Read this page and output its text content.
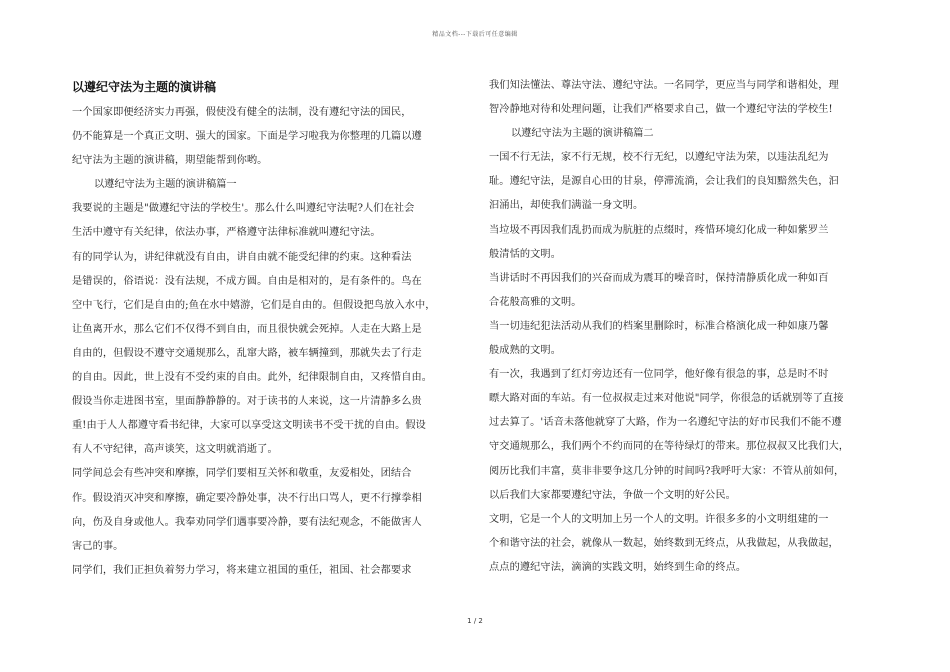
精品文档---下载后可任意编辑
以遵纪守法为主题的演讲稿

一个国家即便经济实力再强，假使没有健全的法制，没有遵纪守法的国民，
仍不能算是一个真正文明、强大的国家。下面是学习啦我为你整理的几篇以遵
纪守法为主题的演讲稿，期望能帮到你哟。

以遵纪守法为主题的演讲稿篇一

我要说的主题是"做遵纪守法的学校生'。那么什么叫遵纪守法呢?人们在社会
生活中遵守有关纪律，依法办事，严格遵守法律标准就叫遵纪守法。

有的同学认为，讲纪律就没有自由，讲自由就不能受纪律的约束。这种看法
是错误的，俗语说：没有法规，不成方圆。自由是相对的，是有条件的。鸟在
空中飞行，它们是自由的;鱼在水中嬉游，它们是自由的。但假设把鸟放入水中，
让鱼离开水，那么它们不仅得不到自由，而且很快就会死掉。人走在大路上是
自由的，但假设不遵守交通规那么，乱窜大路，被车辆撞到，那就失去了行走
的自由。因此，世上没有不受约束的自由。此外，纪律限制自由，又疼惜自由。
假设当你走进图书室，里面静静静的。对于读书的人来说，这一片清静多么贵
重!由于人人都遵守看书纪律，大家可以享受这文明读书不受干扰的自由。假设
有人不守纪律，高声谈笑，这文明就消逝了。

同学间总会有些冲突和摩擦，同学们要相互关怀和敬重，友爱相处，团结合
作。假设消灭冲突和摩擦，确定要冷静处事，决不行出口骂人，更不行撑拳相
向，伤及自身或他人。我奉劝同学们遇事要冷静，要有法纪观念，不能做害人
害己的事。

同学们，我们正担负着努力学习，将来建立祖国的重任，祖国、社会都要求

我们知法懂法、尊法守法、遵纪守法。一名同学，更应当与同学和谐相处，理
智冷静地对待和处理问题，让我们严格要求自己，做一个遵纪守法的学校生!

以遵纪守法为主题的演讲稿篇二

一国不行无法，家不行无规，校不行无纪，以遵纪守法为荣，以违法乱纪为
耻。遵纪守法，是源自心田的甘泉，停滞流淌，会让我们的良知黯然失色，汩
汩涌出，却使我们满溢一身文明。

当垃圾不再因我们乱扔而成为肮脏的点缀时，疼惜环境幻化成一种如紫罗兰
般清恬的文明。

当讲话时不再因我们的兴奋而成为震耳的噪音时，保持清静质化成一种如百
合花般高雅的文明。

当一切违纪犯法活动从我们的档案里删除时，标准合格演化成一种如康乃馨
般成熟的文明。

有一次，我遇到了红灯旁边还有一位同学，他好像有很急的事，总是时不时
瞟大路对面的车站。有一位叔叔走过来对他说"同学，你很急的话就别等了直接
过去算了。'话音未落他就穿了大路，作为一名遵纪守法的好市民我们不能不遵
守交通规那么，我们两个不约而同的在等待绿灯的带来。那位叔叔又比我们大，
阅历比我们丰富，莫非非要争这几分钟的时间吗?我呼吁大家：不管从前如何，
以后我们大家都要遵纪守法，争做一个文明的好公民。

文明，它是一个人的文明加上另一个人的文明。许很多多的小文明组建的一
个和谐守法的社会，就像从一数起，始终数到无终点，从我做起，从我做起，
点点的遵纪守法，滴滴的实践文明，始终到生命的终点。

1 / 2
